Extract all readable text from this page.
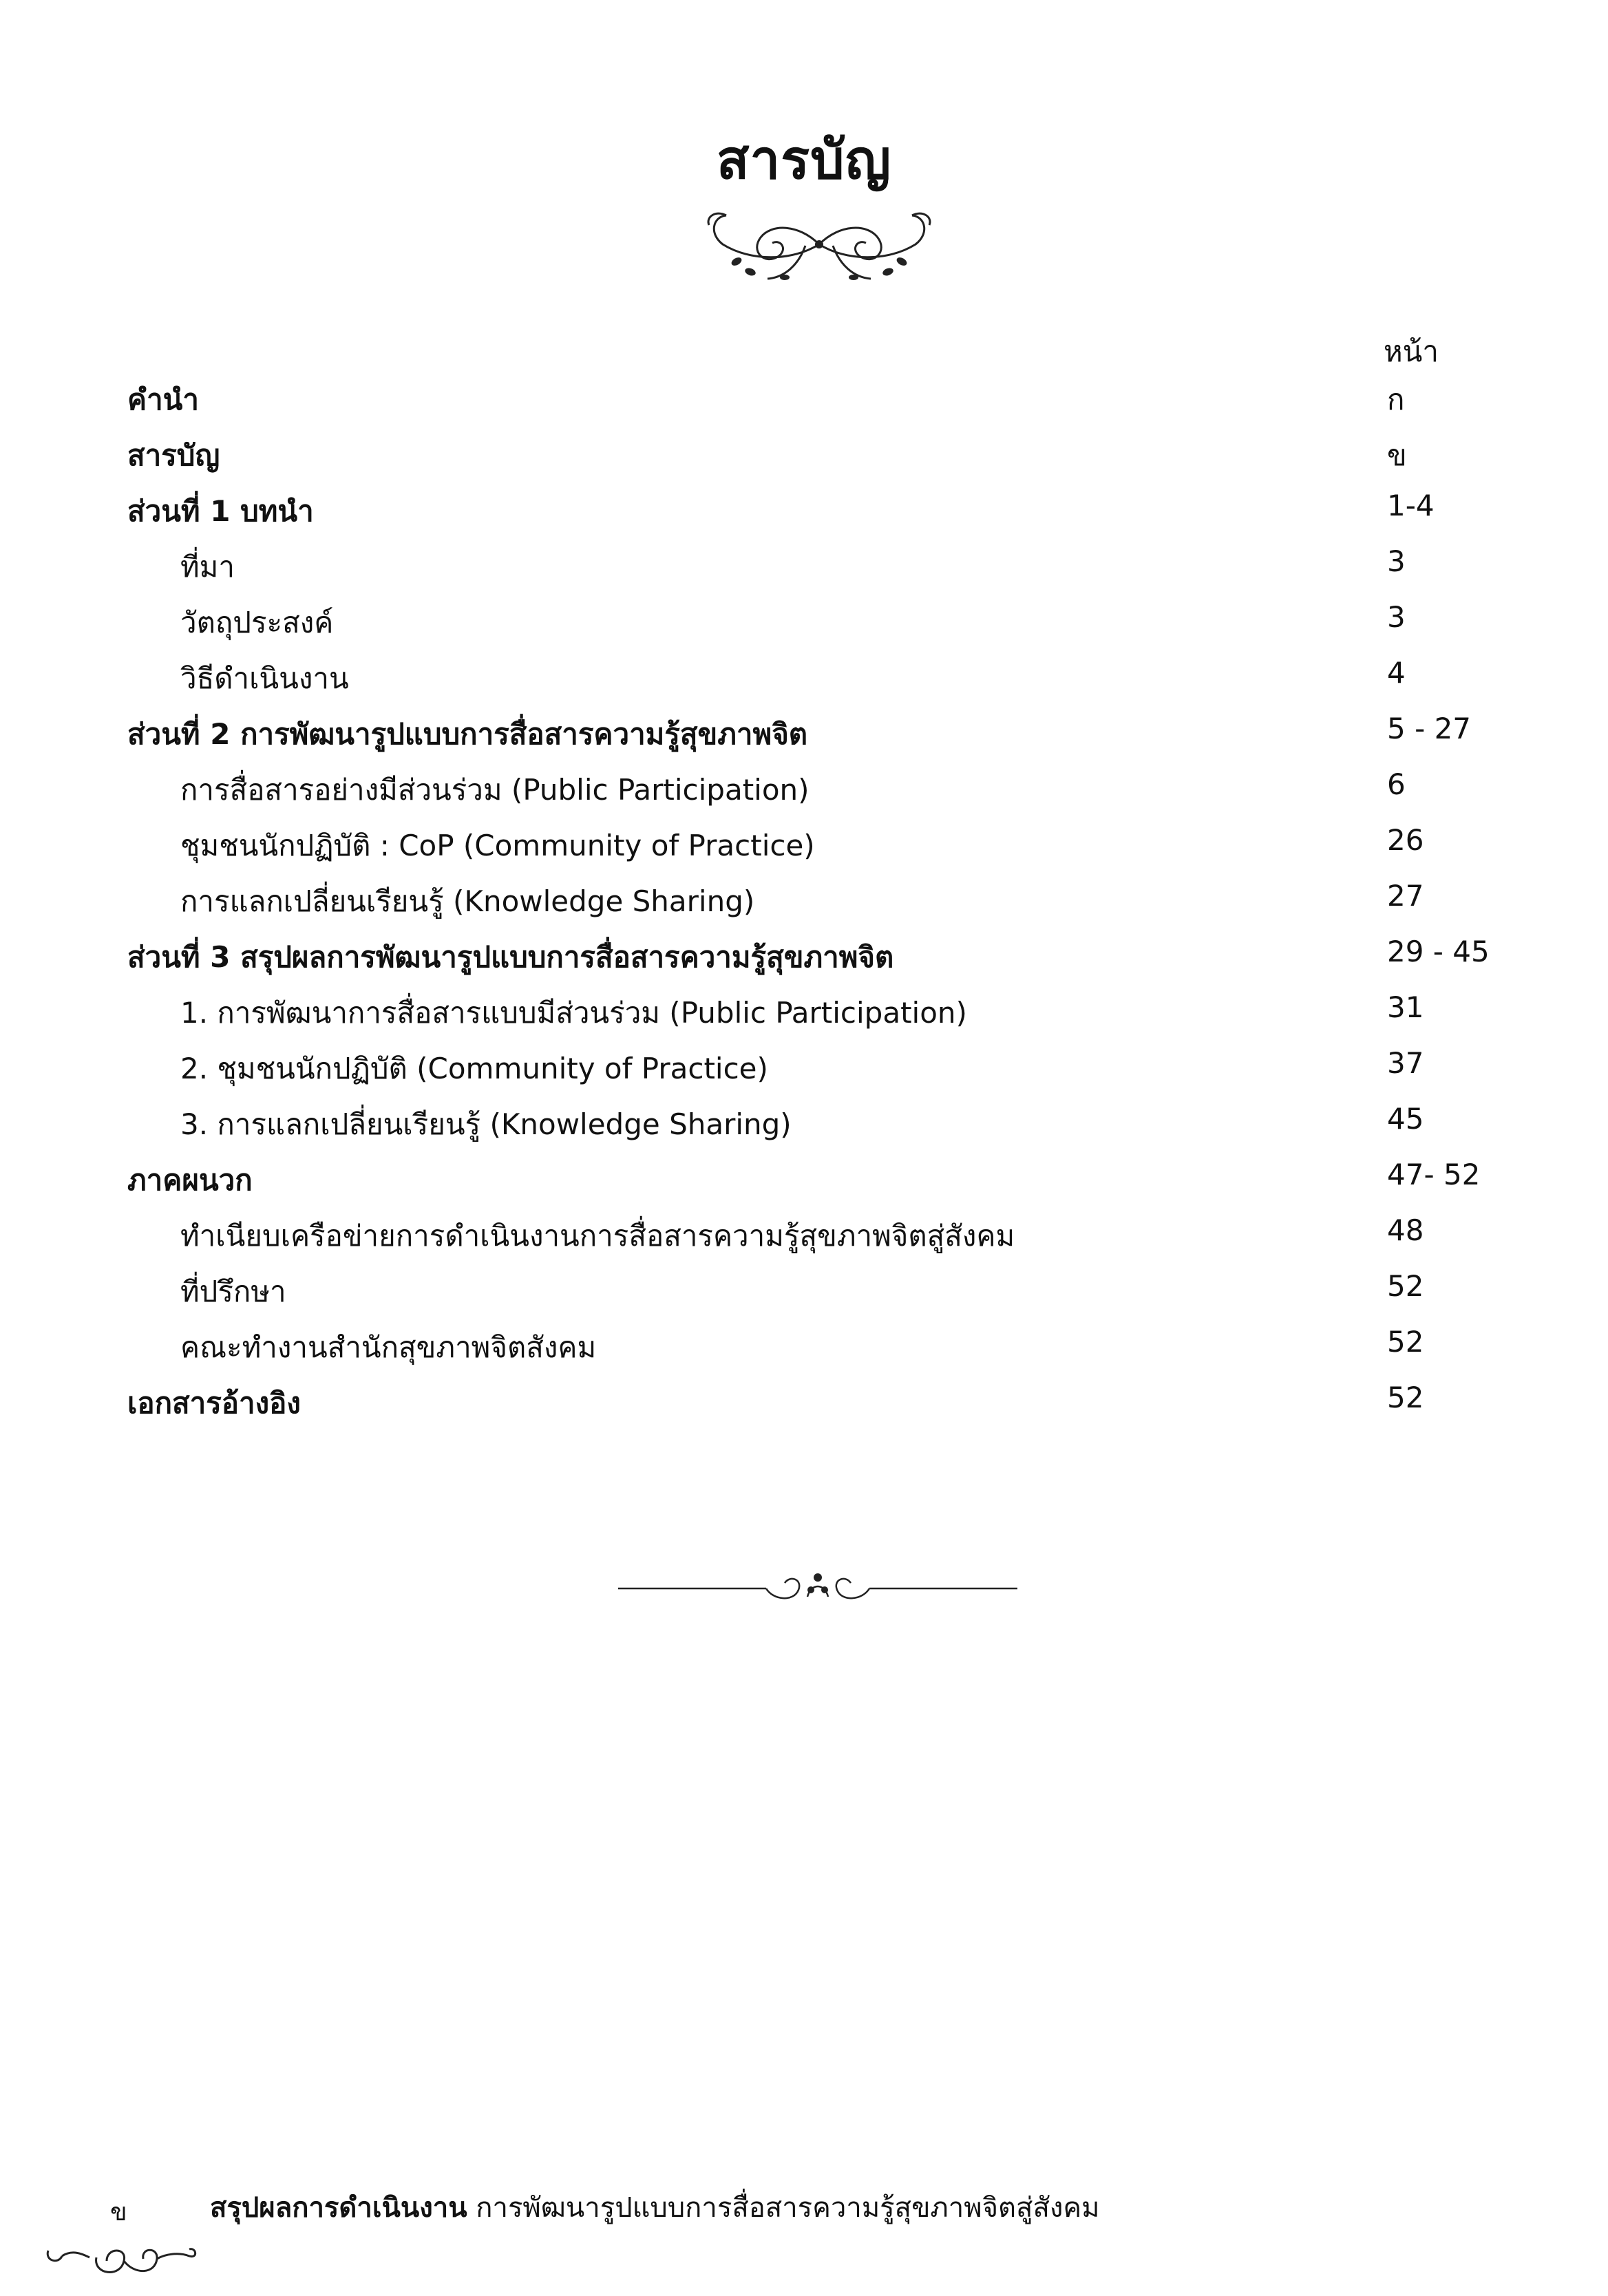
สารบัญ
หน้า
คำนำ	ก
สารบัญ	ข
ส่วนที่ 1 บทนำ	1-4
ที่มา	3
วัตถุประสงค์	3
วิธีดำเนินงาน	4
ส่วนที่ 2 การพัฒนารูปแบบการสื่อสารความรู้สุขภาพจิต	5 - 27
การสื่อสารอย่างมีส่วนร่วม (Public Participation)	6
ชุมชนนักปฏิบัติ : CoP (Community of Practice)	26
การแลกเปลี่ยนเรียนรู้ (Knowledge Sharing)	27
ส่วนที่ 3 สรุปผลการพัฒนารูปแบบการสื่อสารความรู้สุขภาพจิต	29 - 45
1. การพัฒนาการสื่อสารแบบมีส่วนร่วม (Public Participation)	31
2. ชุมชนนักปฏิบัติ (Community of Practice)	37
3. การแลกเปลี่ยนเรียนรู้ (Knowledge Sharing)	45
ภาคผนวก	47- 52
ทำเนียบเครือข่ายการดำเนินงานการสื่อสารความรู้สุขภาพจิตสู่สังคม	48
ที่ปรึกษา	52
คณะทำงานสำนักสุขภาพจิตสังคม	52
เอกสารอ้างอิง	52
ข	สรุปผลการดำเนินงาน การพัฒนารูปแบบการสื่อสารความรู้สุขภาพจิตสู่สังคม
